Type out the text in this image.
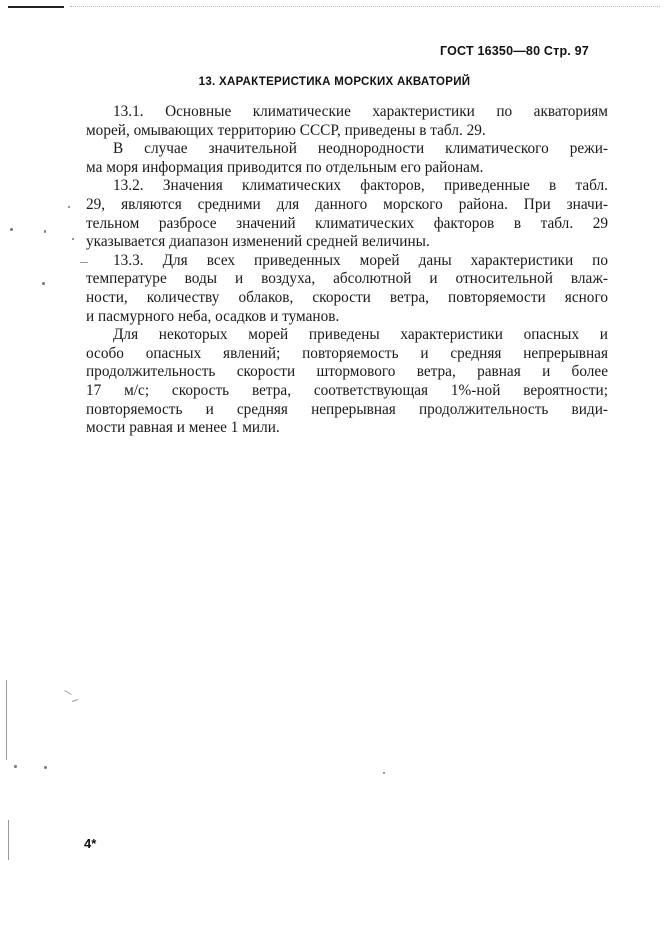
ГОСТ 16350—80 Стр. 97
13. ХАРАКТЕРИСТИКА МОРСКИХ АКВАТОРИЙ

13.1. Основные климатические характеристики по акваториям
морей, омывающих территорию СССР, приведены в табл. 29.

В случае значительной неоднородности климатического режи-
ма моря информация приводится по отдельным его районам.

13.2. Значения климатических факторов, приведенные в табл.
29, являются средними для данного морского района. При значи-
тельном разбросе значений климатических факторов в табл. 29
указывается диапазон изменений средней величины.

13.3. Для всех приведенных морей даны характеристики по
температуре воды и воздуха, абсолютной и относительной влаж-
ности, количеству облаков, скорости ветра, повторяемости ясного
и пасмурного неба, осадков и туманов.

Для некоторых морей приведены характеристики опасных и
особо опасных явлений; повторяемость и средняя непрерывная
продолжительность скорости штормового ветра, равная и более
17 м/с; скорость ветра, соответствующая 1%-ной вероятности;
повторяемость и средняя непрерывная продолжительность види-
мости равная и менее 1 мили.

4*
